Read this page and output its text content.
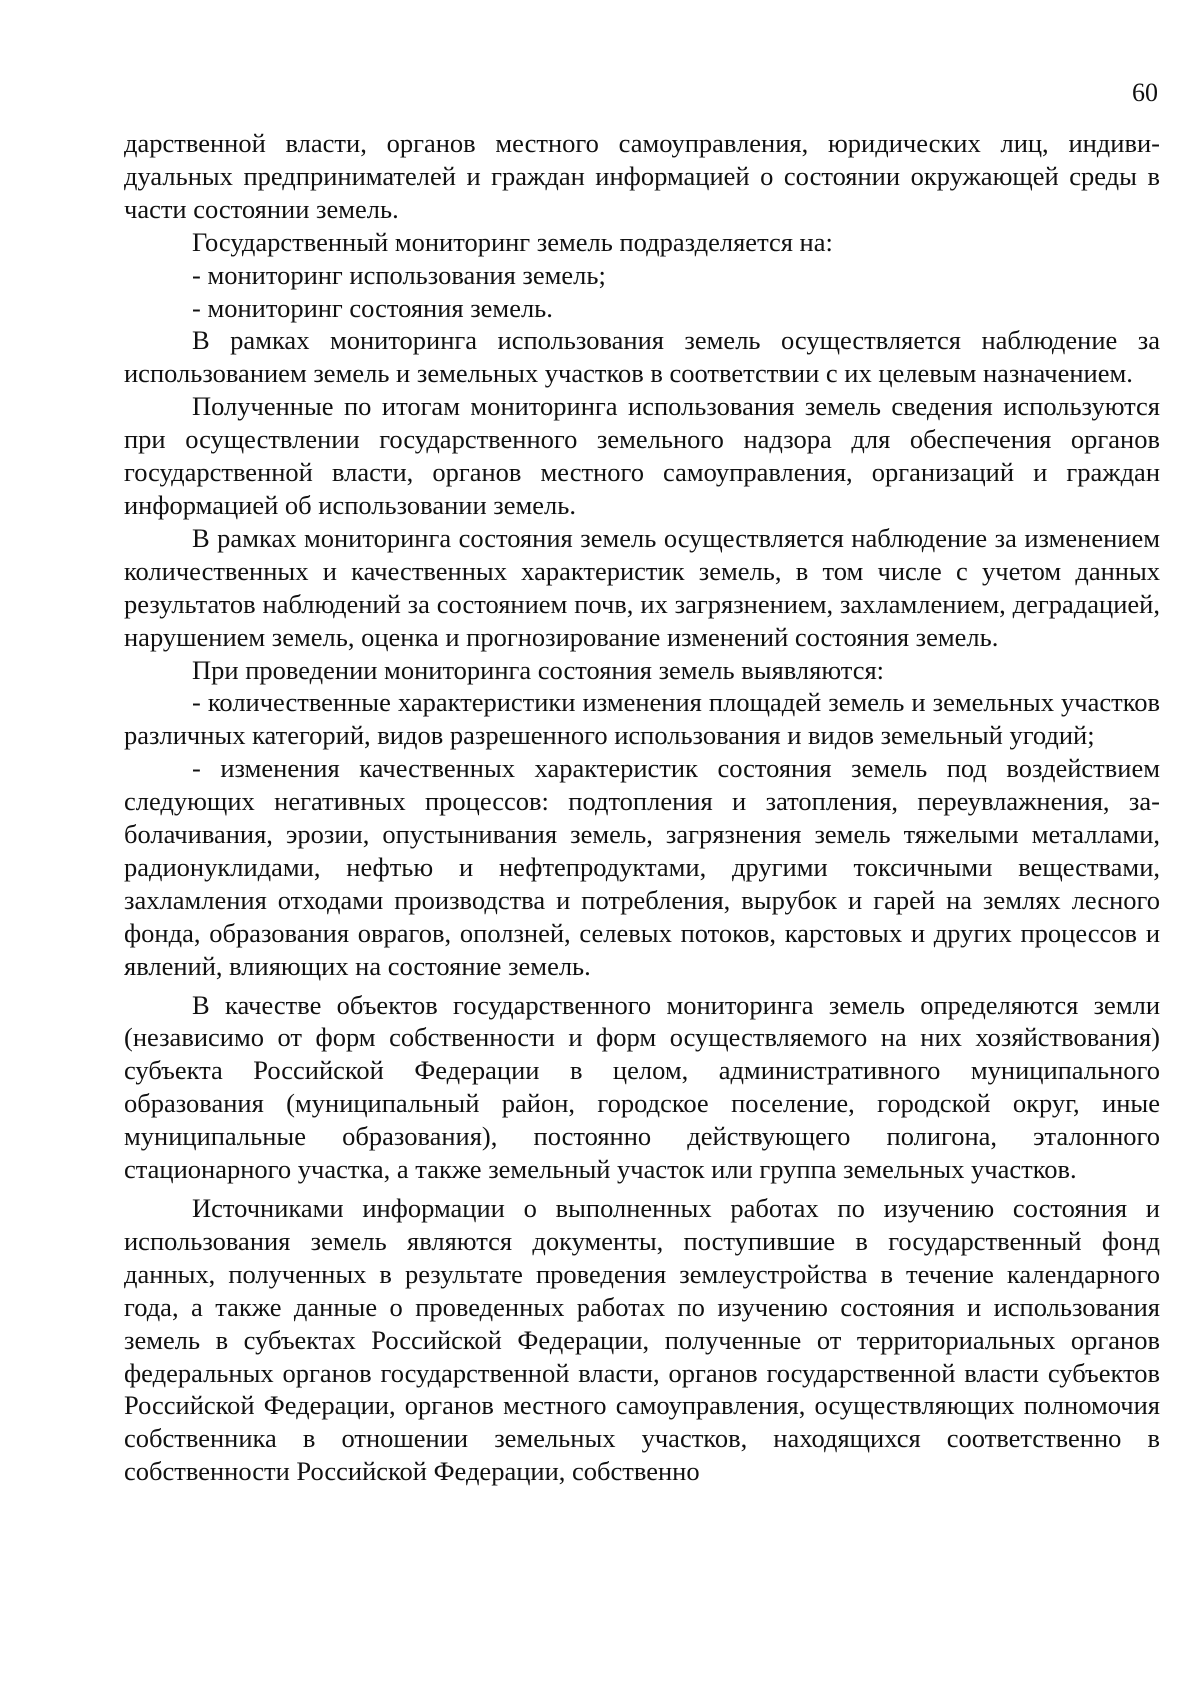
60

дарственной власти, органов местного самоуправления, юридических лиц, индивидуальных предпринимателей и граждан информацией о состоянии окружающей среды в части состоянии земель.

Государственный мониторинг земель подразделяется на:

- мониторинг использования земель;

- мониторинг состояния земель.

В рамках мониторинга использования земель осуществляется наблюдение за использованием земель и земельных участков в соответствии с их целевым назначением.

Полученные по итогам мониторинга использования земель сведения используются при осуществлении государственного земельного надзора для обеспечения органов государственной власти, органов местного самоуправления, организаций и граждан информацией об использовании земель.

В рамках мониторинга состояния земель осуществляется наблюдение за изменением количественных и качественных характеристик земель, в том числе с учетом данных результатов наблюдений за состоянием почв, их загрязнением, захламлением, деградацией, нарушением земель, оценка и прогнозирование изменений состояния земель.

При проведении мониторинга состояния земель выявляются:

- количественные характеристики изменения площадей земель и земельных участков различных категорий, видов разрешенного использования и видов земельный угодий;

- изменения качественных характеристик состояния земель под воздействием следующих негативных процессов: подтопления и затопления, переувлажнения, заболачивания, эрозии, опустынивания земель, загрязнения земель тяжелыми металлами, радионуклидами, нефтью и нефтепродуктами, другими токсичными веществами, захламления отходами производства и потребления, вырубок и гарей на землях лесного фонда, образования оврагов, оползней, селевых потоков, карстовых и других процессов и явлений, влияющих на состояние земель.

В качестве объектов государственного мониторинга земель определяются земли (независимо от форм собственности и форм осуществляемого на них хозяйствования) субъекта Российской Федерации в целом, административного муниципального образования (муниципальный район, городское поселение, городской округ, иные муниципальные образования), постоянно действующего полигона, эталонного стационарного участка, а также земельный участок или группа земельных участков.

Источниками информации о выполненных работах по изучению состояния и использования земель являются документы, поступившие в государственный фонд данных, полученных в результате проведения землеустройства в течение календарного года, а также данные о проведенных работах по изучению состояния и использования земель в субъектах Российской Федерации, полученные от территориальных органов федеральных органов государственной власти, органов государственной власти субъектов Российской Федерации, органов местного самоуправления, осуществляющих полномочия собственника в отношении земельных участков, находящихся соответственно в собственности Российской Федерации, собственно
